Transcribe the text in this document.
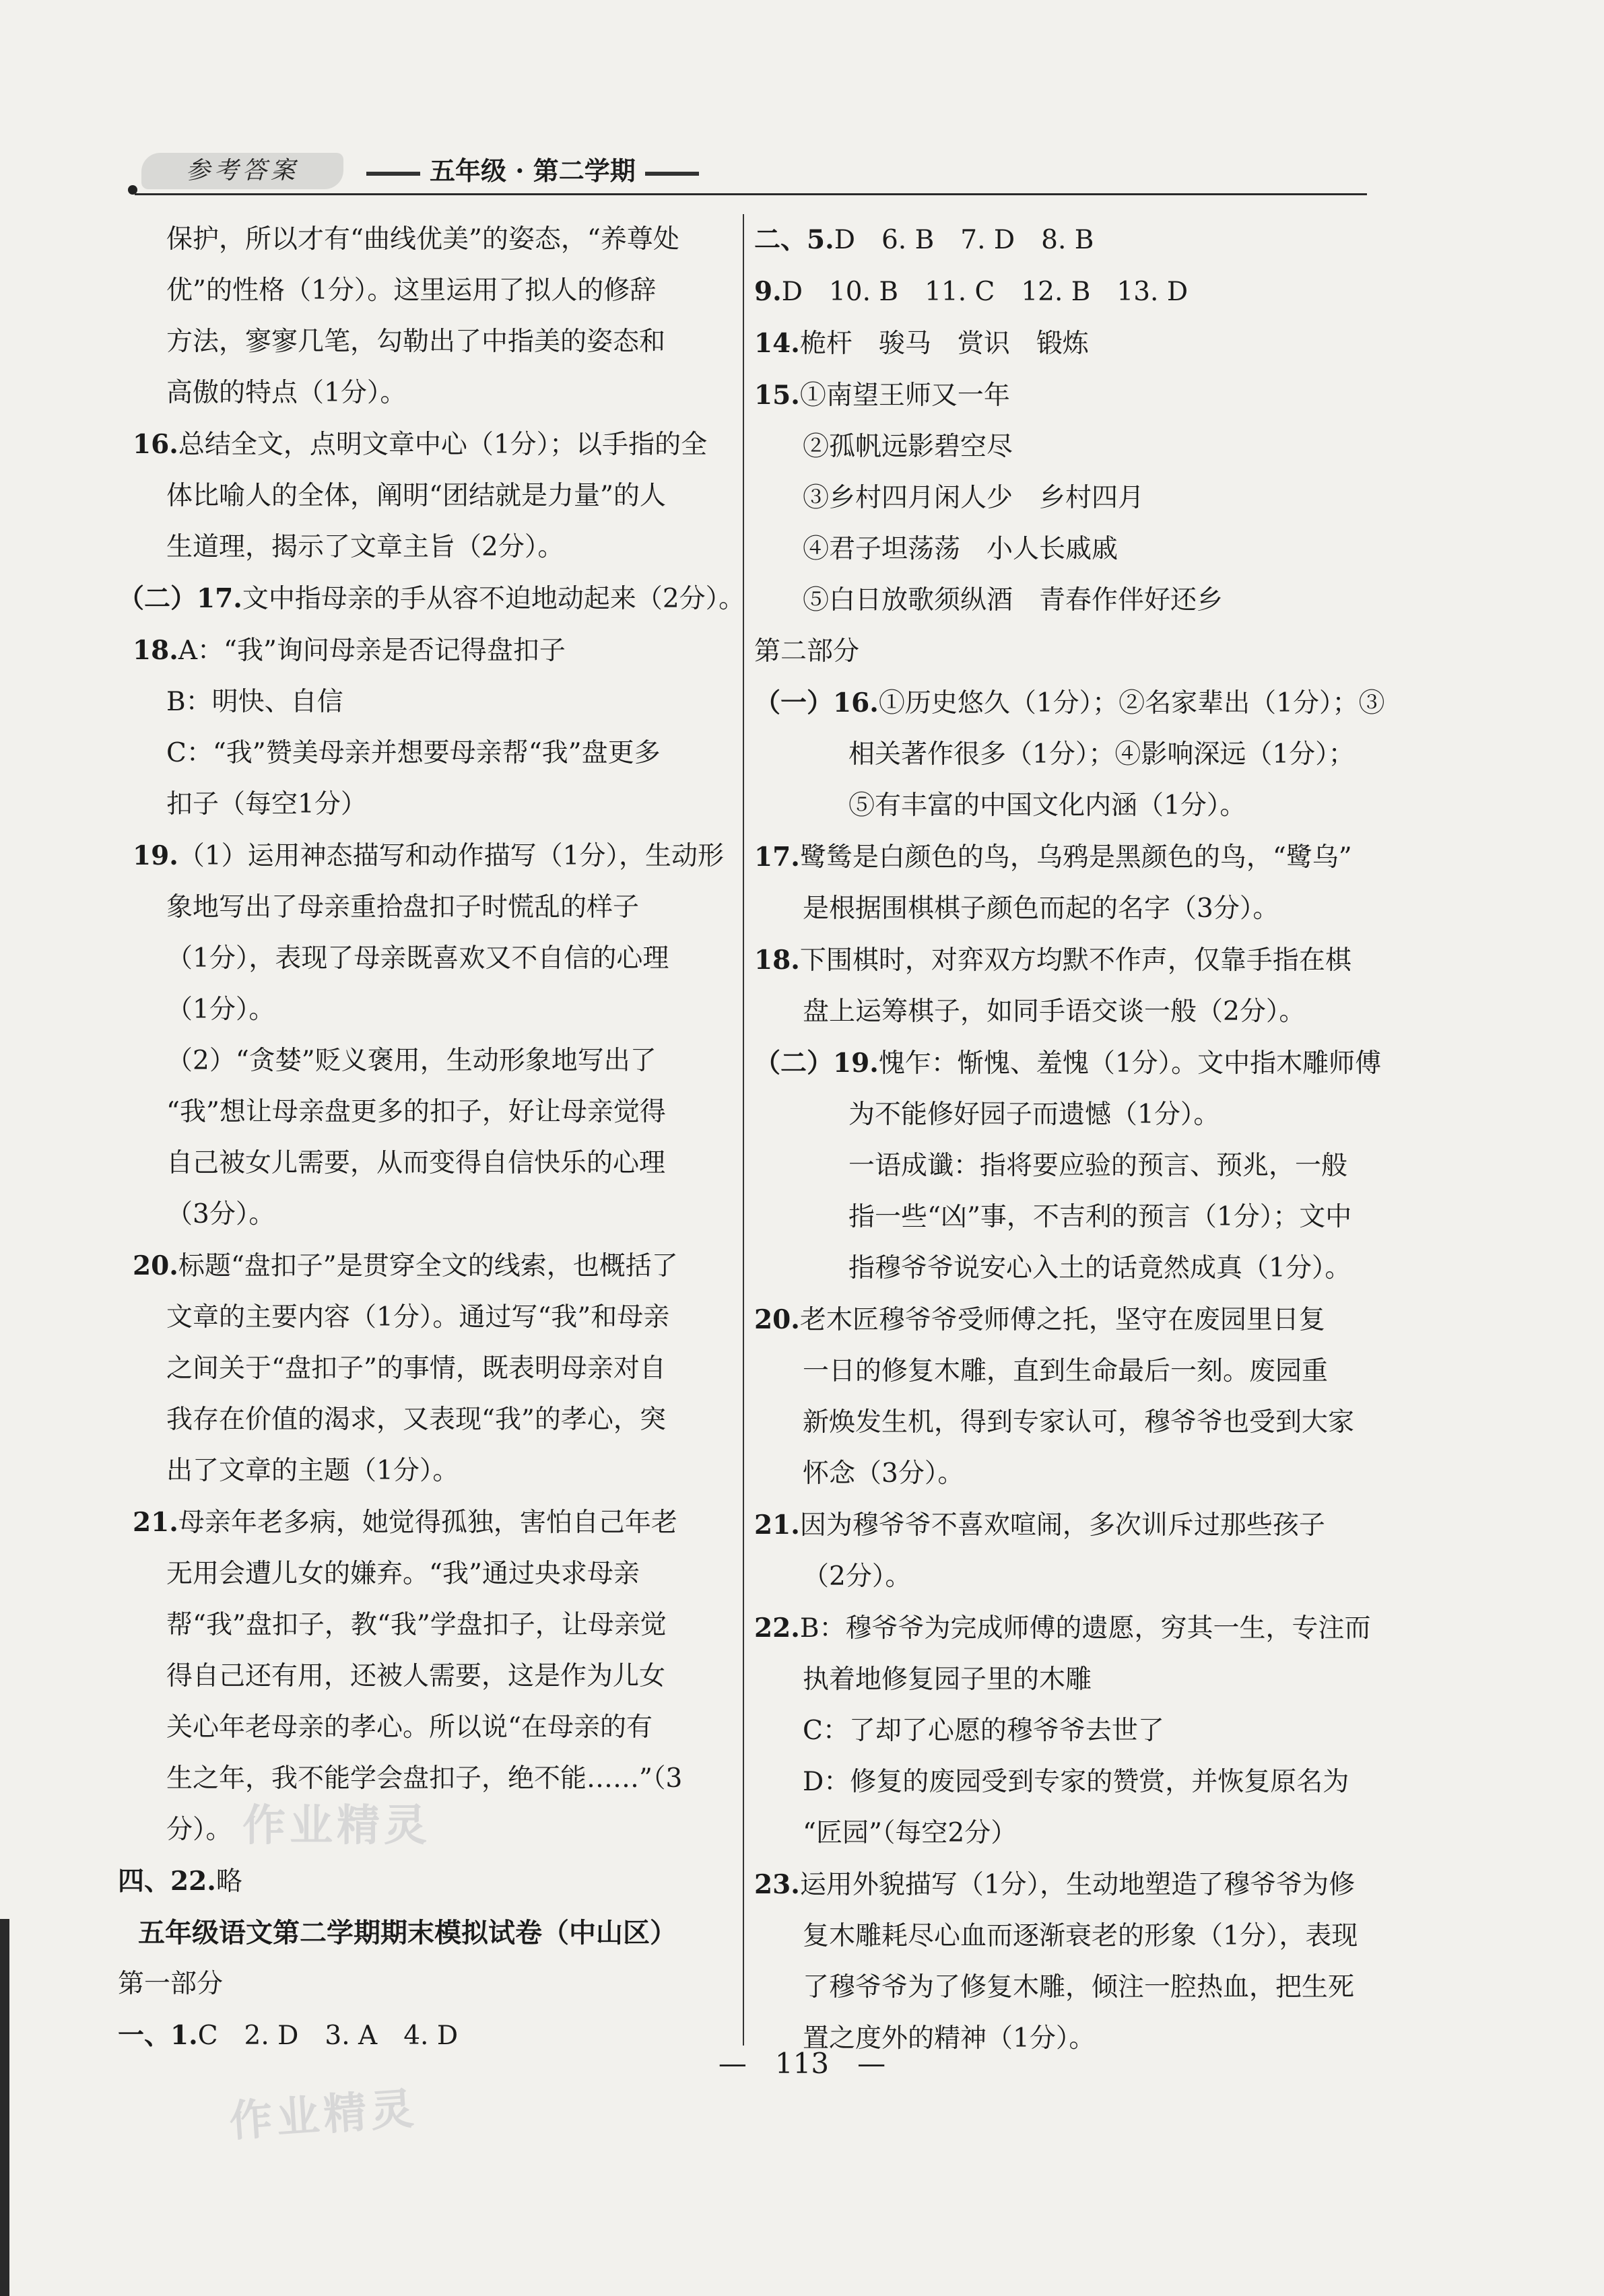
参考答案	五年级 · 第二学期
保护，所以才有“曲线优美”的姿态，“养尊处
优”的性格（1分）。这里运用了拟人的修辞
方法，寥寥几笔，勾勒出了中指美的姿态和
高傲的特点（1分）。
16.总结全文，点明文章中心（1分）；以手指的全
体比喻人的全体，阐明“团结就是力量”的人
生道理，揭示了文章主旨（2分）。
（二）17.文中指母亲的手从容不迫地动起来（2分）。
18.A：“我”询问母亲是否记得盘扣子
B：明快、自信
C：“我”赞美母亲并想要母亲帮“我”盘更多
扣子（每空1分）
19.（1）运用神态描写和动作描写（1分），生动形
象地写出了母亲重拾盘扣子时慌乱的样子
（1分），表现了母亲既喜欢又不自信的心理
（1分）。
（2）“贪婪”贬义褒用，生动形象地写出了
“我”想让母亲盘更多的扣子，好让母亲觉得
自己被女儿需要，从而变得自信快乐的心理
（3分）。
20.标题“盘扣子”是贯穿全文的线索，也概括了
文章的主要内容（1分）。通过写“我”和母亲
之间关于“盘扣子”的事情，既表明母亲对自
我存在价值的渴求，又表现“我”的孝心，突
出了文章的主题（1分）。
21.母亲年老多病，她觉得孤独，害怕自己年老
无用会遭儿女的嫌弃。“我”通过央求母亲
帮“我”盘扣子，教“我”学盘扣子，让母亲觉
得自己还有用，还被人需要，这是作为儿女
关心年老母亲的孝心。所以说“在母亲的有
生之年，我不能学会盘扣子，绝不能……”（3
分）。
四、22.略
五年级语文第二学期期末模拟试卷（中山区）
第一部分
一、1.C　2. D　3. A　4. D
二、5.D　6. B　7. D　8. B
9.D　10. B　11. C　12. B　13. D
14.桅杆　骏马　赏识　锻炼
15.①南望王师又一年
②孤帆远影碧空尽
③乡村四月闲人少　乡村四月
④君子坦荡荡　小人长戚戚
⑤白日放歌须纵酒　青春作伴好还乡
第二部分
（一）16.①历史悠久（1分）；②名家辈出（1分）；③
相关著作很多（1分）；④影响深远（1分）；
⑤有丰富的中国文化内涵（1分）。
17.鹭鸶是白颜色的鸟，乌鸦是黑颜色的鸟，“鹭乌”
是根据围棋棋子颜色而起的名字（3分）。
18.下围棋时，对弈双方均默不作声，仅靠手指在棋
盘上运筹棋子，如同手语交谈一般（2分）。
（二）19.愧乍：惭愧、羞愧（1分）。文中指木雕师傅
为不能修好园子而遗憾（1分）。
一语成谶：指将要应验的预言、预兆，一般
指一些“凶”事，不吉利的预言（1分）；文中
指穆爷爷说安心入土的话竟然成真（1分）。
20.老木匠穆爷爷受师傅之托，坚守在废园里日复
一日的修复木雕，直到生命最后一刻。废园重
新焕发生机，得到专家认可，穆爷爷也受到大家
怀念（3分）。
21.因为穆爷爷不喜欢喧闹，多次训斥过那些孩子
（2分）。
22.B：穆爷爷为完成师傅的遗愿，穷其一生，专注而
执着地修复园子里的木雕
C：了却了心愿的穆爷爷去世了
D：修复的废园受到专家的赞赏，并恢复原名为
“匠园”（每空2分）
23.运用外貌描写（1分），生动地塑造了穆爷爷为修
复木雕耗尽心血而逐渐衰老的形象（1分），表现
了穆爷爷为了修复木雕，倾注一腔热血，把生死
置之度外的精神（1分）。
作业精灵
作业精灵
—　113　—
